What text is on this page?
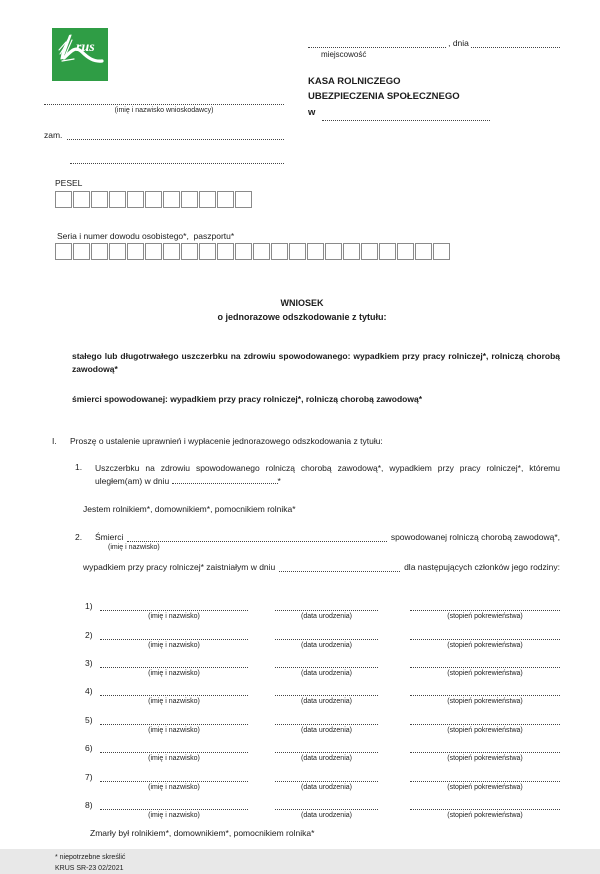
rus
(imię i nazwisko wnioskodawcy)
zam.
, dnia
miejscowość
KASA ROLNICZEGO
UBEZPIECZENIA SPOŁECZNEGO
w
PESEL
Seria i numer dowodu osobistego*,  paszportu*
WNIOSEK
o jednorazowe odszkodowanie z tytułu:
stałego lub długotrwałego uszczerbku na zdrowiu spowodowanego: wypadkiem przy pracy rolniczej*, rolniczą chorobą zawodową*
śmierci spowodowanej: wypadkiem przy pracy rolniczej*, rolniczą chorobą zawodową*
I.	Proszę o ustalenie uprawnień i wypłacenie jednorazowego odszkodowania z tytułu:
1.	Uszczerbku na zdrowiu spowodowanego rolniczą chorobą zawodową*, wypadkiem przy pracy rolniczej*, któremu uległem(am) w dniu	*
Jestem rolnikiem*, domownikiem*, pomocnikiem rolnika*
2.	Śmierci	spowodowanej rolniczą chorobą zawodową*,
(imię i nazwisko)
wypadkiem przy pracy rolniczej* zaistniałym w dniu	dla następujących członków jego rodziny:
1)
(imię i nazwisko)	(data urodzenia)	(stopień pokrewieństwa)
2)
(imię i nazwisko)	(data urodzenia)	(stopień pokrewieństwa)
3)
(imię i nazwisko)	(data urodzenia)	(stopień pokrewieństwa)
4)
(imię i nazwisko)	(data urodzenia)	(stopień pokrewieństwa)
5)
(imię i nazwisko)	(data urodzenia)	(stopień pokrewieństwa)
6)
(imię i nazwisko)	(data urodzenia)	(stopień pokrewieństwa)
7)
(imię i nazwisko)	(data urodzenia)	(stopień pokrewieństwa)
8)
(imię i nazwisko)	(data urodzenia)	(stopień pokrewieństwa)
Zmarły był rolnikiem*, domownikiem*, pomocnikiem rolnika*
* niepotrzebne skreślić
KRUS SR-23 02/2021
